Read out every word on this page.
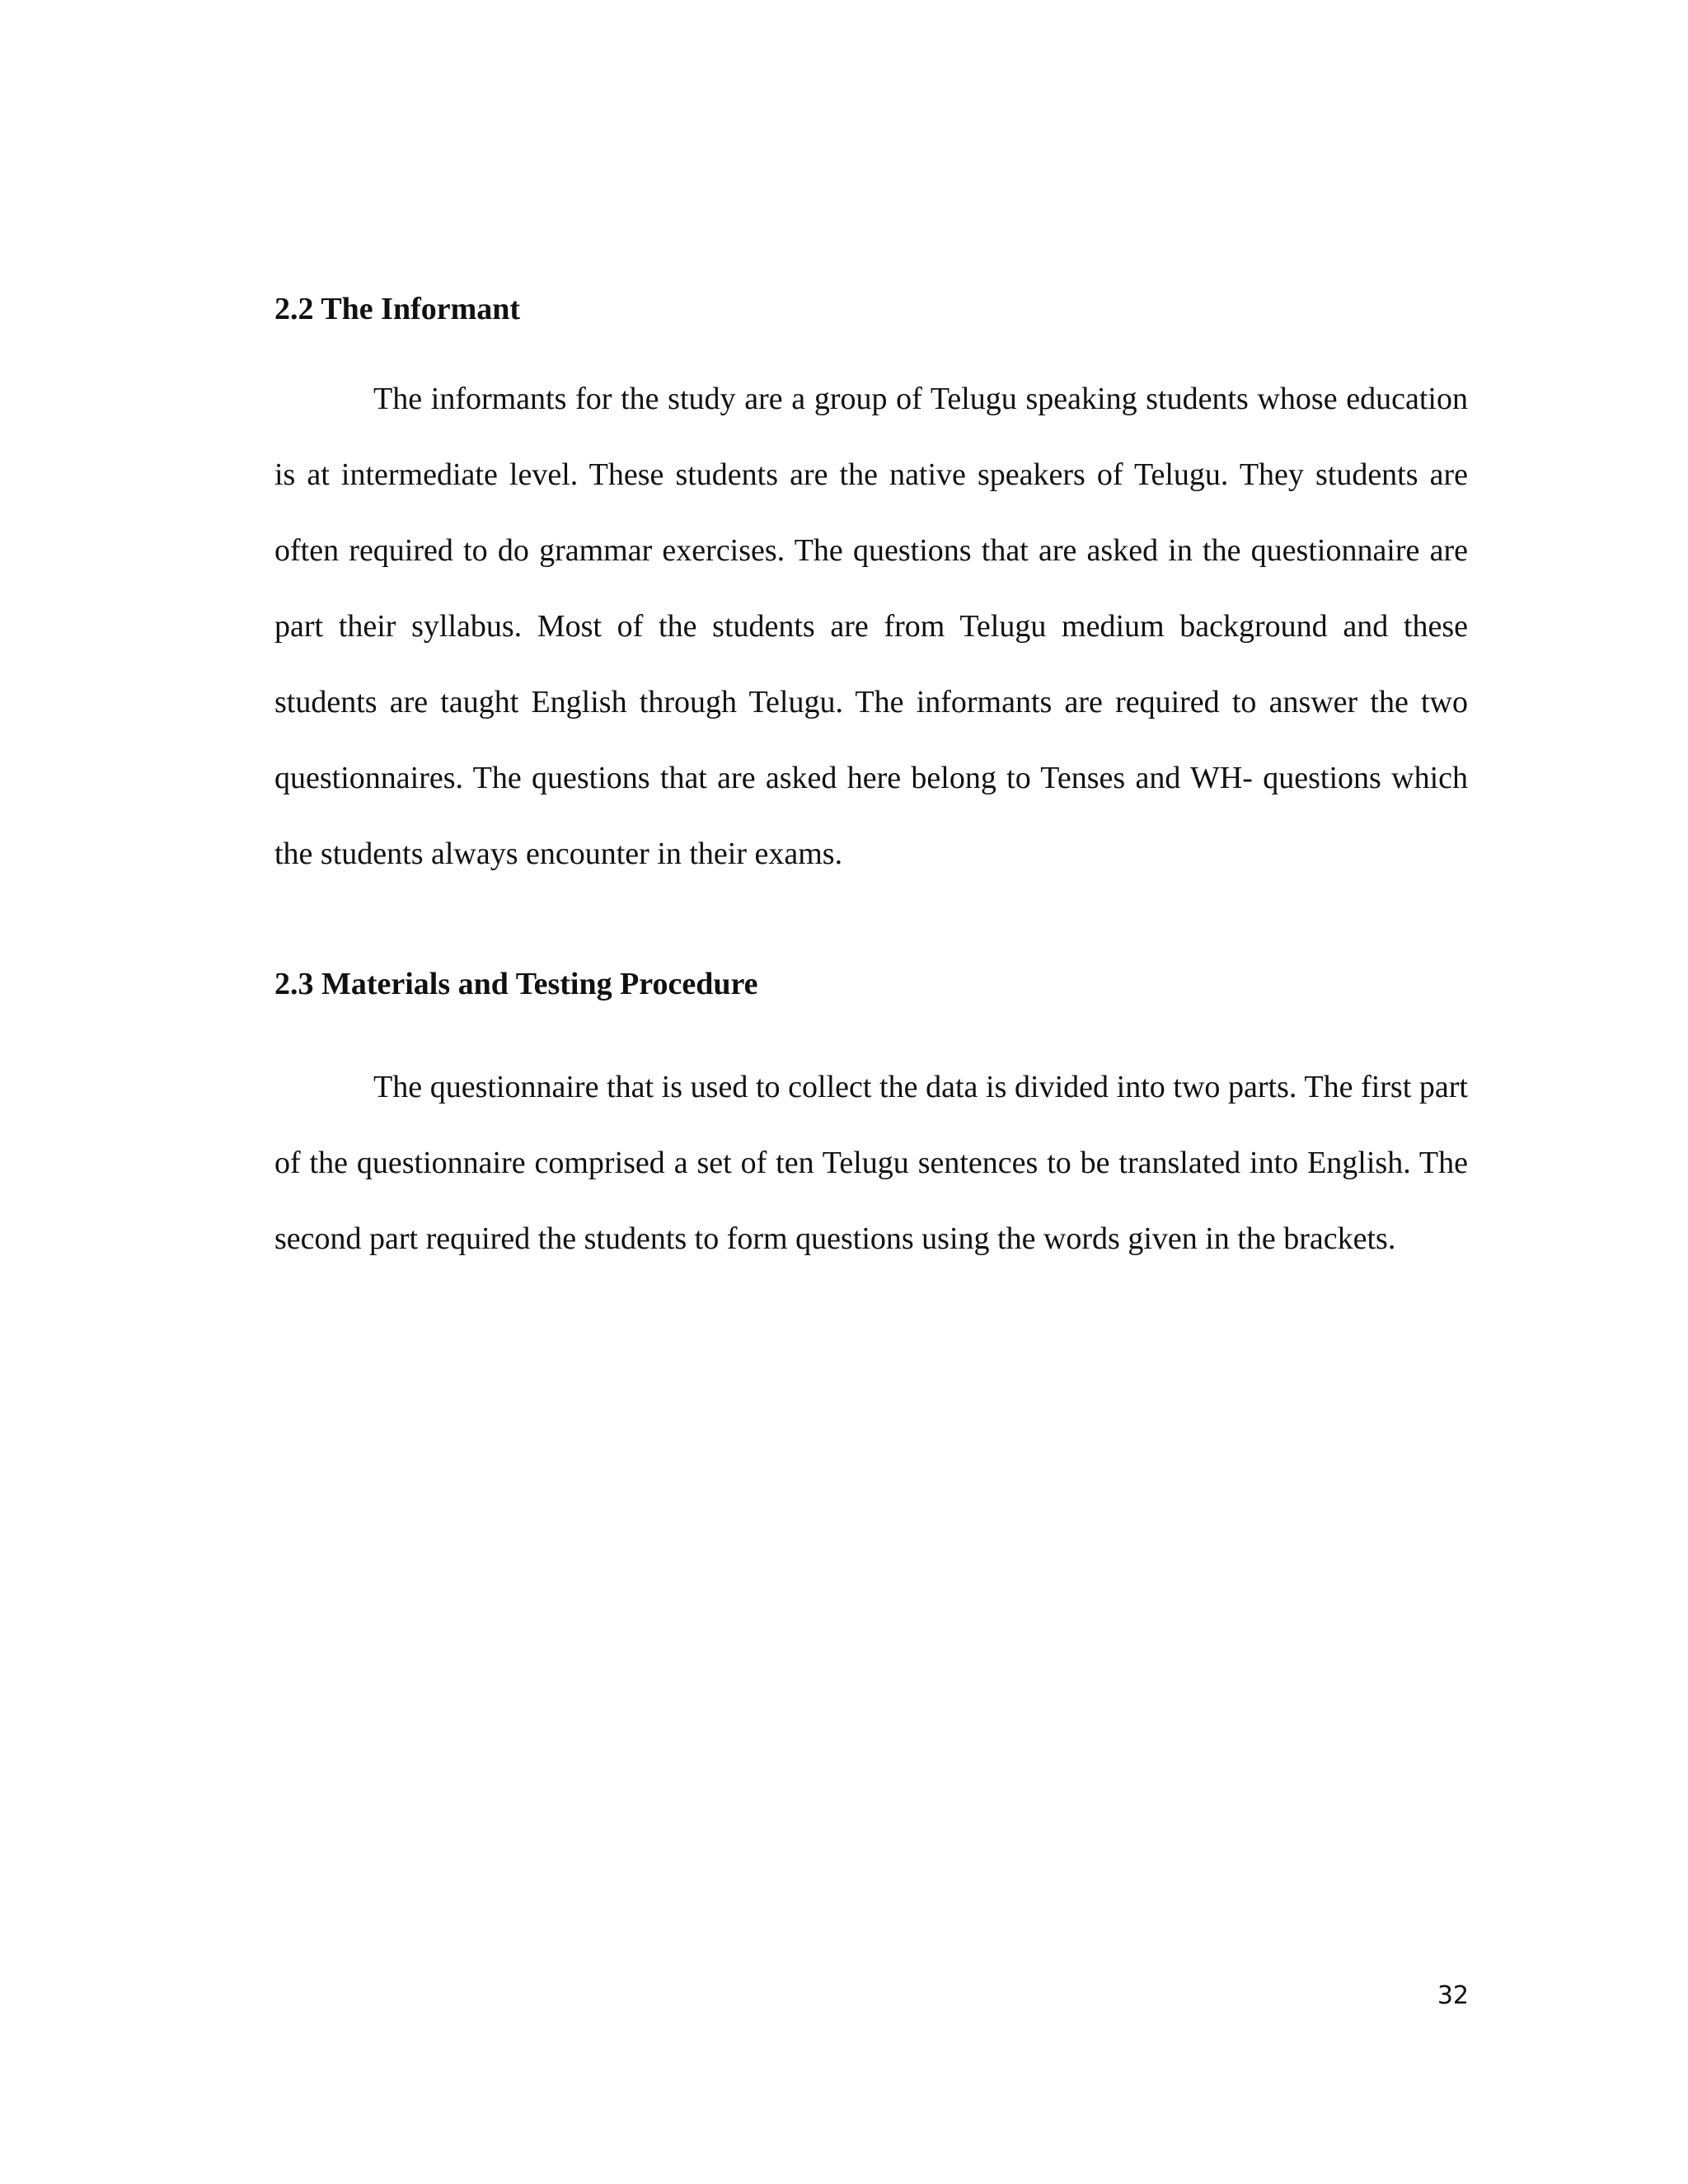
2.2 The Informant

The informants for the study are a group of Telugu speaking students whose education is at intermediate level. These students are the native speakers of Telugu. They students are often required to do grammar exercises. The questions that are asked in the questionnaire are part their syllabus. Most of the students are from Telugu medium background and these students are taught English through Telugu. The informants are required to answer the two questionnaires. The questions that are asked here belong to Tenses and WH- questions which the students always encounter in their exams.

2.3 Materials and Testing Procedure

The questionnaire that is used to collect the data is divided into two parts. The first part of the questionnaire comprised a set of ten Telugu sentences to be translated into English. The second part required the students to form questions using the words given in the brackets.

32
